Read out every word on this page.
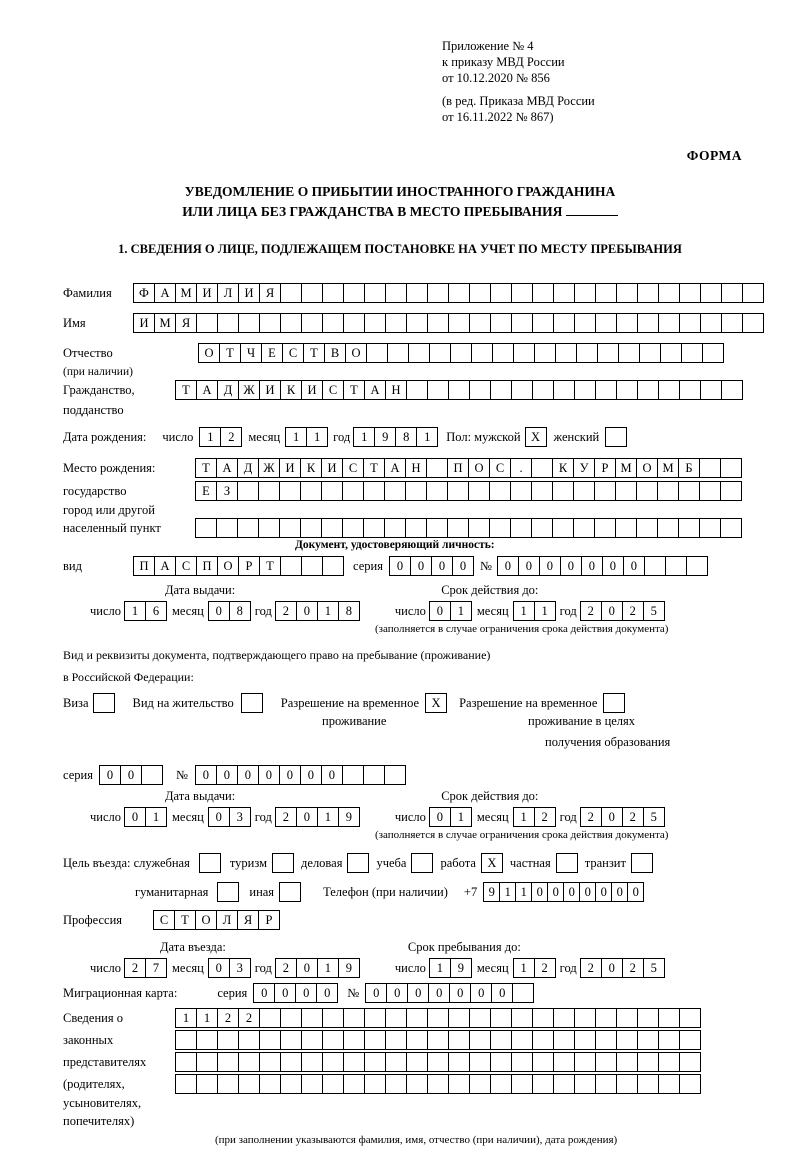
Приложение № 4
к приказу МВД России
от 10.12.2020 № 856
(в ред. Приказа МВД России
от 16.11.2022 № 867)
ФОРМА
УВЕДОМЛЕНИЕ О ПРИБЫТИИ ИНОСТРАННОГО ГРАЖДАНИНА
ИЛИ ЛИЦА БЕЗ ГРАЖДАНСТВА В МЕСТО ПРЕБЫВАНИЯ
1. СВЕДЕНИЯ О ЛИЦЕ, ПОДЛЕЖАЩЕМ ПОСТАНОВКЕ НА УЧЕТ ПО МЕСТУ ПРЕБЫВАНИЯ
Фамилия	Ф А М И Л И Я
Имя	И М Я
Отчество	О	Т	Ч	Е	С	Т	В О
(при наличии)
Гражданство,	Т	А Д Ж И К И С	Т	А Н
подданство
Дата рождения: число	1	2	месяц	1	1	год 1	9	8	1	Пол: мужской X	женский
Место рождения:	Т	А Д Ж И К И С	Т	А Н	П О С	.	К У	Р М О М Б
государство	Е	З
город или другой
населенный пункт
Документ, удостоверяющий личность:
вид	П А С П О	Р	Т	серия	0	0	0	0	№	0	0	0	0	0	0	0
Дата выдачи:	Срок действия до:
число 1	6	месяц 0	8 год 2	0	1	8	число 0	1	месяц 1	1 год 2	0	2	5
(заполняется в случае ограничения срока действия документа)
Вид и реквизиты документа, подтверждающего право на пребывание (проживание)
в Российской Федерации:
Виза	Вид на жительство	Разрешение на временное X	Разрешение на временное
проживание	проживание в целях
получения образования
серия	0	0	№	0	0	0	0	0	0	0
Дата выдачи:	Срок действия до:
число 0	1	месяц 0	3 год 2	0	1	9	число 0	1	месяц 1	2 год 2	0	2	5
(заполняется в случае ограничения срока действия документа)
Цель въезда: служебная	туризм	деловая	учеба	работа X	частная	транзит
гуманитарная	иная	Телефон (при наличии) +7 9 1 1 0 0 0 0 0 0 0
Профессия	С	Т	О Л	Я	Р
Дата въезда:	Срок пребывания до:
число 2	7	месяц 0	3 год 2	0	1	9	число 1	9	месяц 1	2 год 2	0	2	5
Миграционная карта:	серия	0	0	0	0	№	0	0	0	0	0	0	0
Сведения о	1	1	2	2
законных
представителях
(родителях,
усыновителях,
попечителях)
(при заполнении указываются фамилия, имя, отчество (при наличии), дата рождения)
